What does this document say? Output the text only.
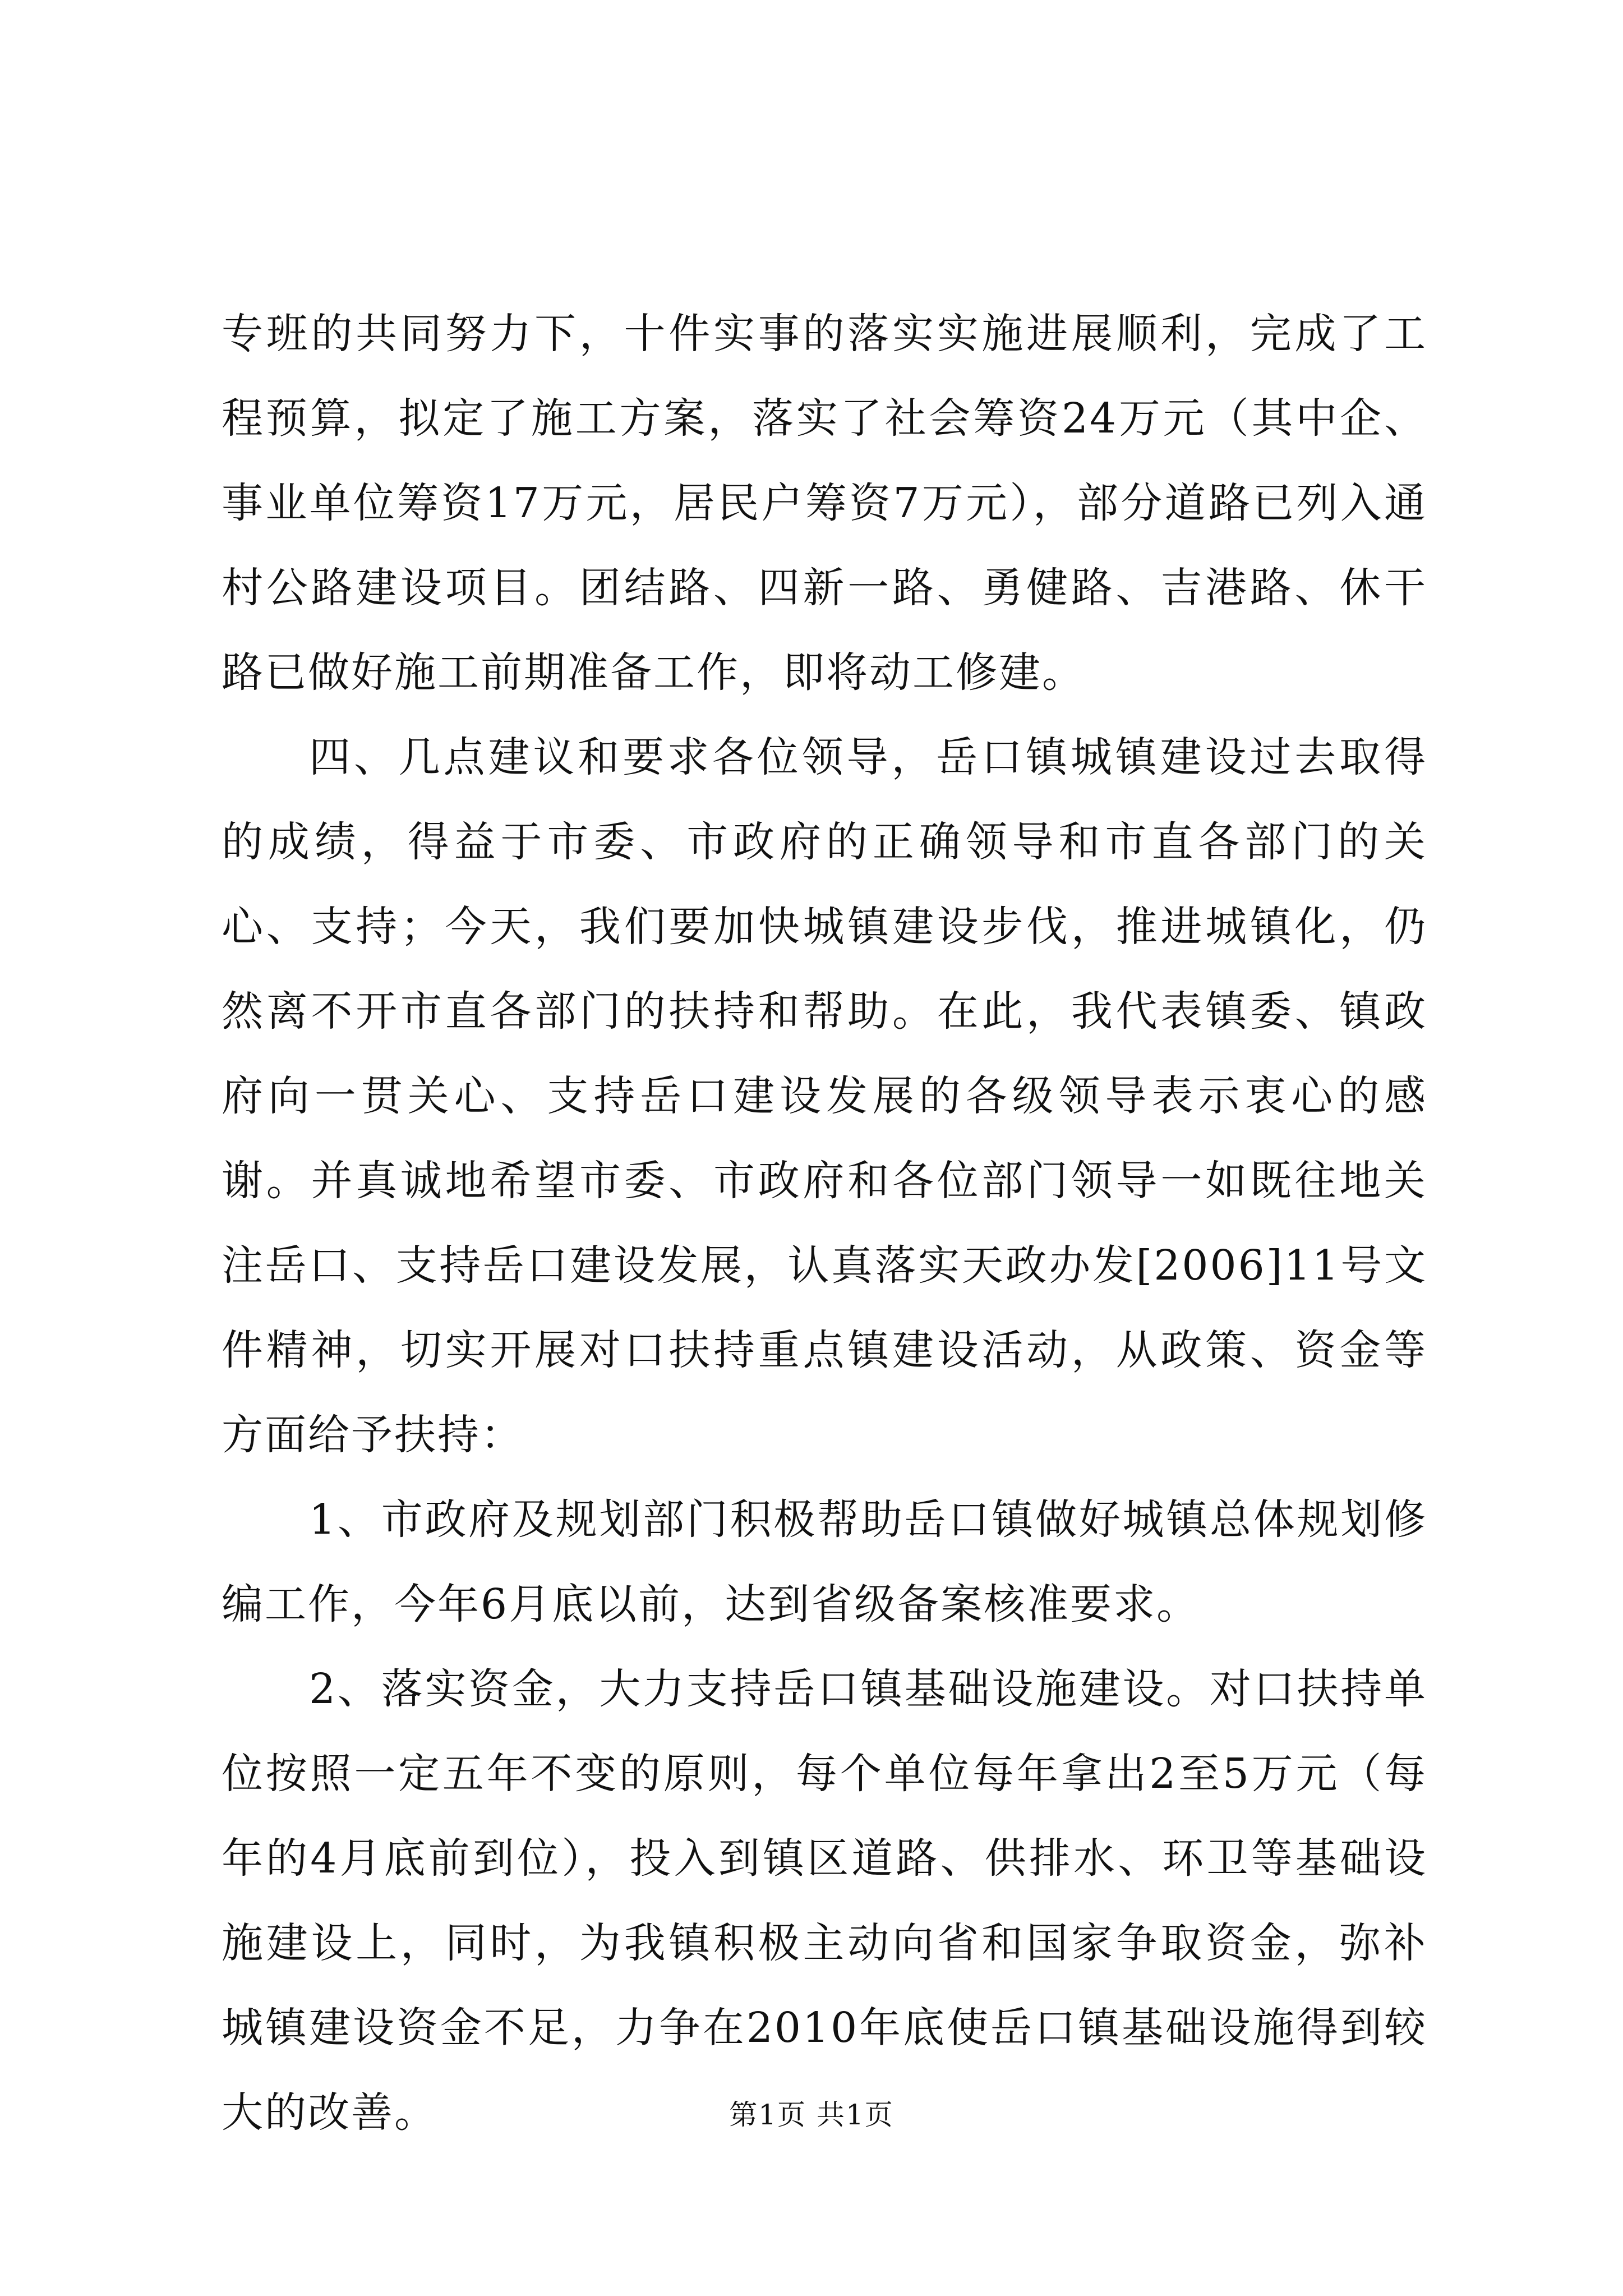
专班的共同努力下，十件实事的落实实施进展顺利，完成了工程预算，拟定了施工方案，落实了社会筹资24万元（其中企、事业单位筹资17万元，居民户筹资7万元），部分道路已列入通村公路建设项目。团结路、四新一路、勇健路、吉港路、休干路已做好施工前期准备工作，即将动工修建。

四、几点建议和要求各位领导，岳口镇城镇建设过去取得的成绩，得益于市委、市政府的正确领导和市直各部门的关心、支持；今天，我们要加快城镇建设步伐，推进城镇化，仍然离不开市直各部门的扶持和帮助。在此，我代表镇委、镇政府向一贯关心、支持岳口建设发展的各级领导表示衷心的感谢。并真诚地希望市委、市政府和各位部门领导一如既往地关注岳口、支持岳口建设发展，认真落实天政办发[2006]11号文件精神，切实开展对口扶持重点镇建设活动，从政策、资金等方面给予扶持：

1、市政府及规划部门积极帮助岳口镇做好城镇总体规划修编工作，今年6月底以前，达到省级备案核准要求。

2、落实资金，大力支持岳口镇基础设施建设。对口扶持单位按照一定五年不变的原则，每个单位每年拿出2至5万元（每年的4月底前到位），投入到镇区道路、供排水、环卫等基础设施建设上，同时，为我镇积极主动向省和国家争取资金，弥补城镇建设资金不足，力争在2010年底使岳口镇基础设施得到较大的改善。	第1页 共1页
